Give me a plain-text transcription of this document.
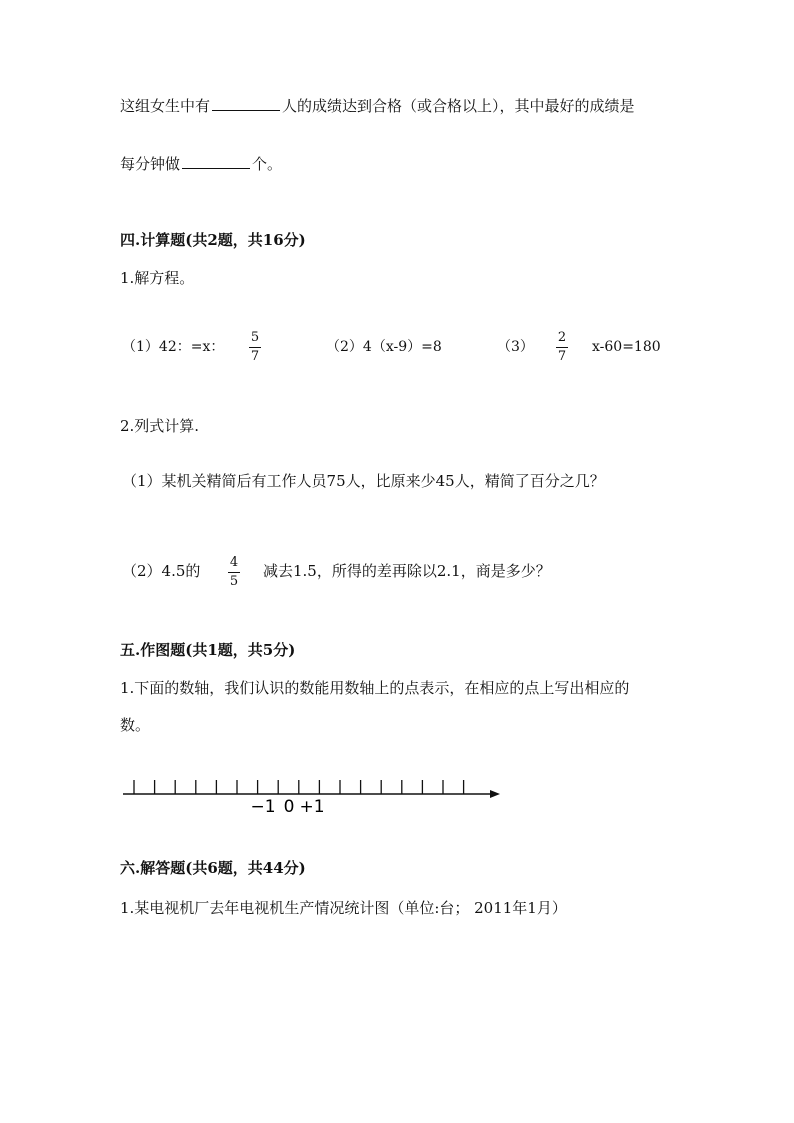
这组女生中有	人的成绩达到合格（或合格以上），其中最好的成绩是
每分钟做	个。
四.计算题(共2题，共16分)
1.解方程。
（1）42：=x：
5
7
（2）4（x-9）=8	（3）
2
7
x-60=180
2.列式计算.
（1）某机关精简后有工作人员75人，比原来少45人，精简了百分之几？
（2）4.5的 4
5
减去1.5，所得的差再除以2.1，商是多少？
五.作图题(共1题，共5分)
1.下面的数轴，我们认识的数能用数轴上的点表示，在相应的点上写出相应的
数。
−1 0 +1
六.解答题(共6题，共44分)
1.某电视机厂去年电视机生产情况统计图（单位:台； 2011年1月）
